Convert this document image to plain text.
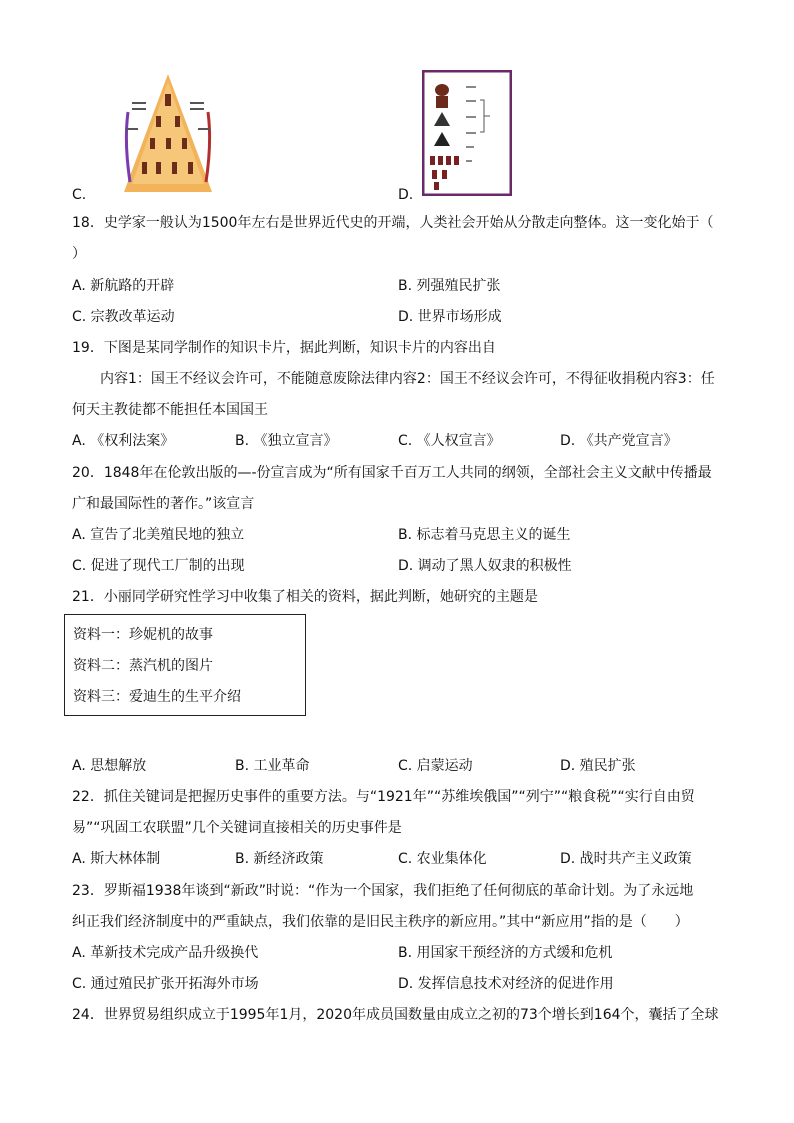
C.	D.
18．史学家一般认为1500年左右是世界近代史的开端，人类社会开始从分散走向整体。这一变化始于（
）
A. 新航路的开辟	B. 列强殖民扩张
C. 宗教改革运动	D. 世界市场形成
19．下图是某同学制作的知识卡片，据此判断，知识卡片的内容出自
内容1：国王不经议会许可，不能随意废除法律内容2：国王不经议会许可，不得征收捐税内容3：任
何天主教徒都不能担任本国国王
A. 《权利法案》	B. 《独立宣言》	C. 《人权宣言》	D. 《共产党宣言》
20．1848年在伦敦出版的—-份宣言成为“所有国家千百万工人共同的纲领，全部社会主义文献中传播最
广和最国际性的著作。”该宣言
A. 宣告了北美殖民地的独立	B. 标志着马克思主义的诞生
C. 促进了现代工厂制的出现	D. 调动了黑人奴隶的积极性
21．小丽同学研究性学习中收集了相关的资料，据此判断，她研究的主题是
资料一：珍妮机的故事
资料二：蒸汽机的图片
资料三：爱迪生的生平介绍
A. 思想解放	B. 工业革命	C. 启蒙运动	D. 殖民扩张
22．抓住关键词是把握历史事件的重要方法。与“1921年”“苏维埃俄国”“列宁”“粮食税”“实行自由贸
易”“巩固工农联盟”几个关键词直接相关的历史事件是
A. 斯大林体制	B. 新经济政策	C. 农业集体化	D. 战时共产主义政策
23．罗斯福1938年谈到“新政”时说：“作为一个国家，我们拒绝了任何彻底的革命计划。为了永远地
纠正我们经济制度中的严重缺点，我们依靠的是旧民主秩序的新应用。”其中“新应用”指的是（　　）
A. 革新技术完成产品升级换代	B. 用国家干预经济的方式缓和危机
C. 通过殖民扩张开拓海外市场	D. 发挥信息技术对经济的促进作用
24．世界贸易组织成立于1995年1月，2020年成员国数量由成立之初的73个增长到164个，囊括了全球
